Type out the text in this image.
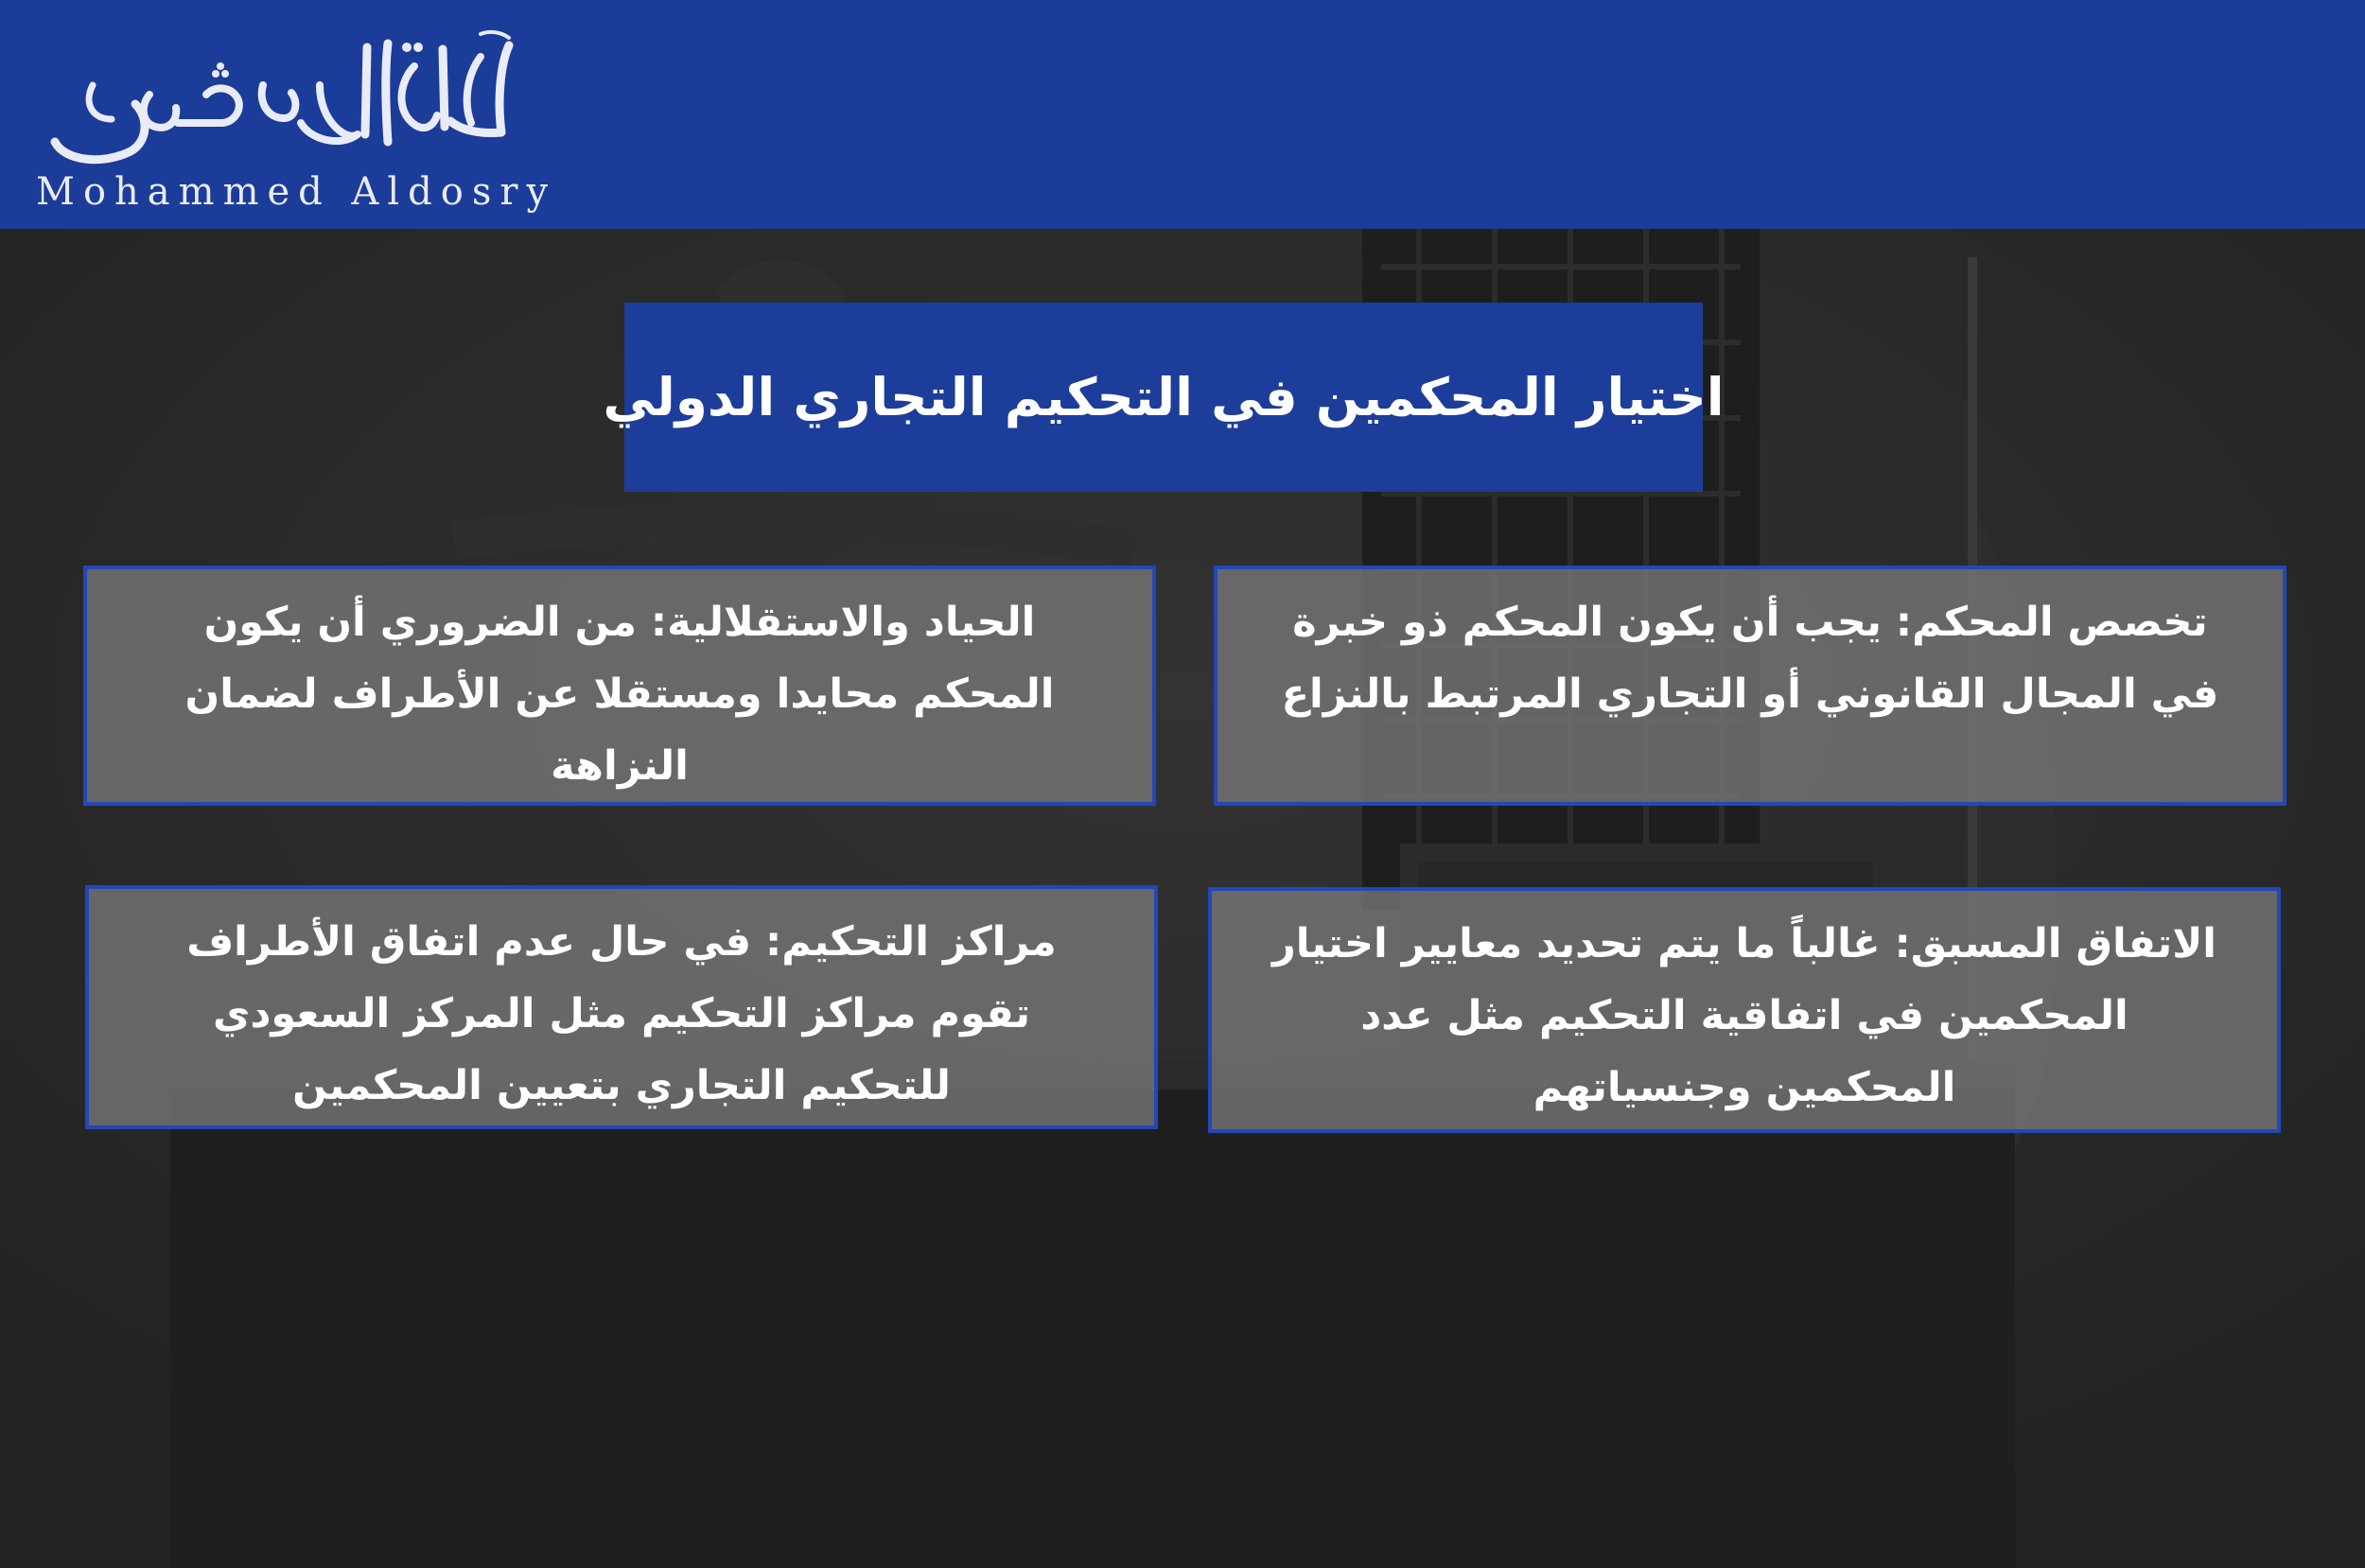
Mohammed Aldosry
اختيار المحكمين في التحكيم التجاري الدولي
تخصص المحكم: يجب أن يكون المحكم ذو خبرة في المجال القانوني أو التجاري المرتبط بالنزاع
الحياد والاستقلالية: من الضروري أن يكون المحكم محايدا ومستقلا عن الأطراف لضمان النزاهة
الاتفاق المسبق: غالباً ما يتم تحديد معايير اختيار المحكمين في اتفاقية التحكيم مثل عدد المحكمين وجنسياتهم
مراكز التحكيم: في حال عدم اتفاق الأطراف تقوم مراكز التحكيم مثل المركز السعودي للتحكيم التجاري بتعيين المحكمين
